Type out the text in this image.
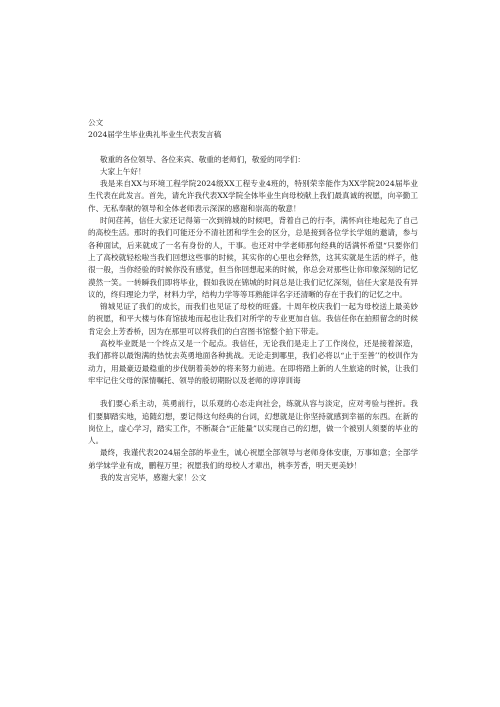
公文

2024届学生毕业典礼毕业生代表发言稿

敬重的各位领导、各位来宾、敬重的老师们，敬爱的同学们：

大家上午好！

我是来自XX与环境工程学院2024级XX工程专业4班的，特别荣幸能作为XX学院2024届毕业生代表在此发言。首先，请允许我代表XX学院全体毕业生向母校献上我们最真诚的祝愿，向辛勤工作、无私奉献的领导和全体老师表示深深的感谢和崇高的敬意！

时间荏苒，信任大家还记得第一次到锦城的时候吧，背着自己的行李，满怀向往地起先了自己的高校生活。那时的我们可能还分不清社团和学生会的区分，总是接到各位学长学姐的邀请，参与各种面试，后来就成了一名有身份的人，干事。也还对中学老师那句经典的话满怀希望“只要你们上了高校就轻松啦当我们回想这些事的时候，其实你的心里也会释然，这其实就是生活的样子，他很一般，当你经验的时候你没有感觉，但当你回想起来的时候，你总会对那些让你印象深刻的记忆漠然一笑。一转瞬我们即将毕业，假如我说在锦城的时间总是让我们记忆深刻，信任大家是没有异议的，终归理论力学，材料力学，结构力学等等耳熟能详名字还清晰的存在于我们的记忆之中。

锦城见证了我们的成长，而我们也见证了母校的旺盛。十周年校庆我们一起为母校送上最美妙的祝愿，和平大楼与体育馆拔地而起也让我们对所学的专业更加自信。我信任你在拍照留念的时候肯定会上芳香桥，因为在那里可以将我们的白宫图书馆整个拍下带走。

高校毕业既是一个终点又是一个起点。我信任，无论我们是走上了工作岗位，还是接着深造，我们都将以最饱满的热忱去英勇地面各种挑战。无论走到哪里，我们必将以“止于至善’’的校训作为动力，用最豪迈最稳重的步伐朝着美妙的将来努力前进。在即将踏上新的人生旅途的时候，让我们牢牢记住父母的深情嘱托、领导的殷切期盼以及老师的谆谆训诲

我们要心系主动，英勇前行，以乐观的心态走向社会，练就从容与淡定，应对考验与挫折。我们要脚踏实地，追随幻想，要记得这句经典的台词，幻想就是让你坚持就感到幸福的东西。在新的岗位上，虚心学习，踏实工作，不断凝合“正能量”以实现自己的幻想，做一个被别人须要的毕业的人。

最终，我谨代表2024届全部的毕业生，诚心祝愿全部领导与老师身体安康，万事如意；全部学弟学妹学业有成，鹏程万里；祝愿我们的母校人才辈出，桃李芳香，明天更美妙！

我的发言完毕，感谢大家！公文
